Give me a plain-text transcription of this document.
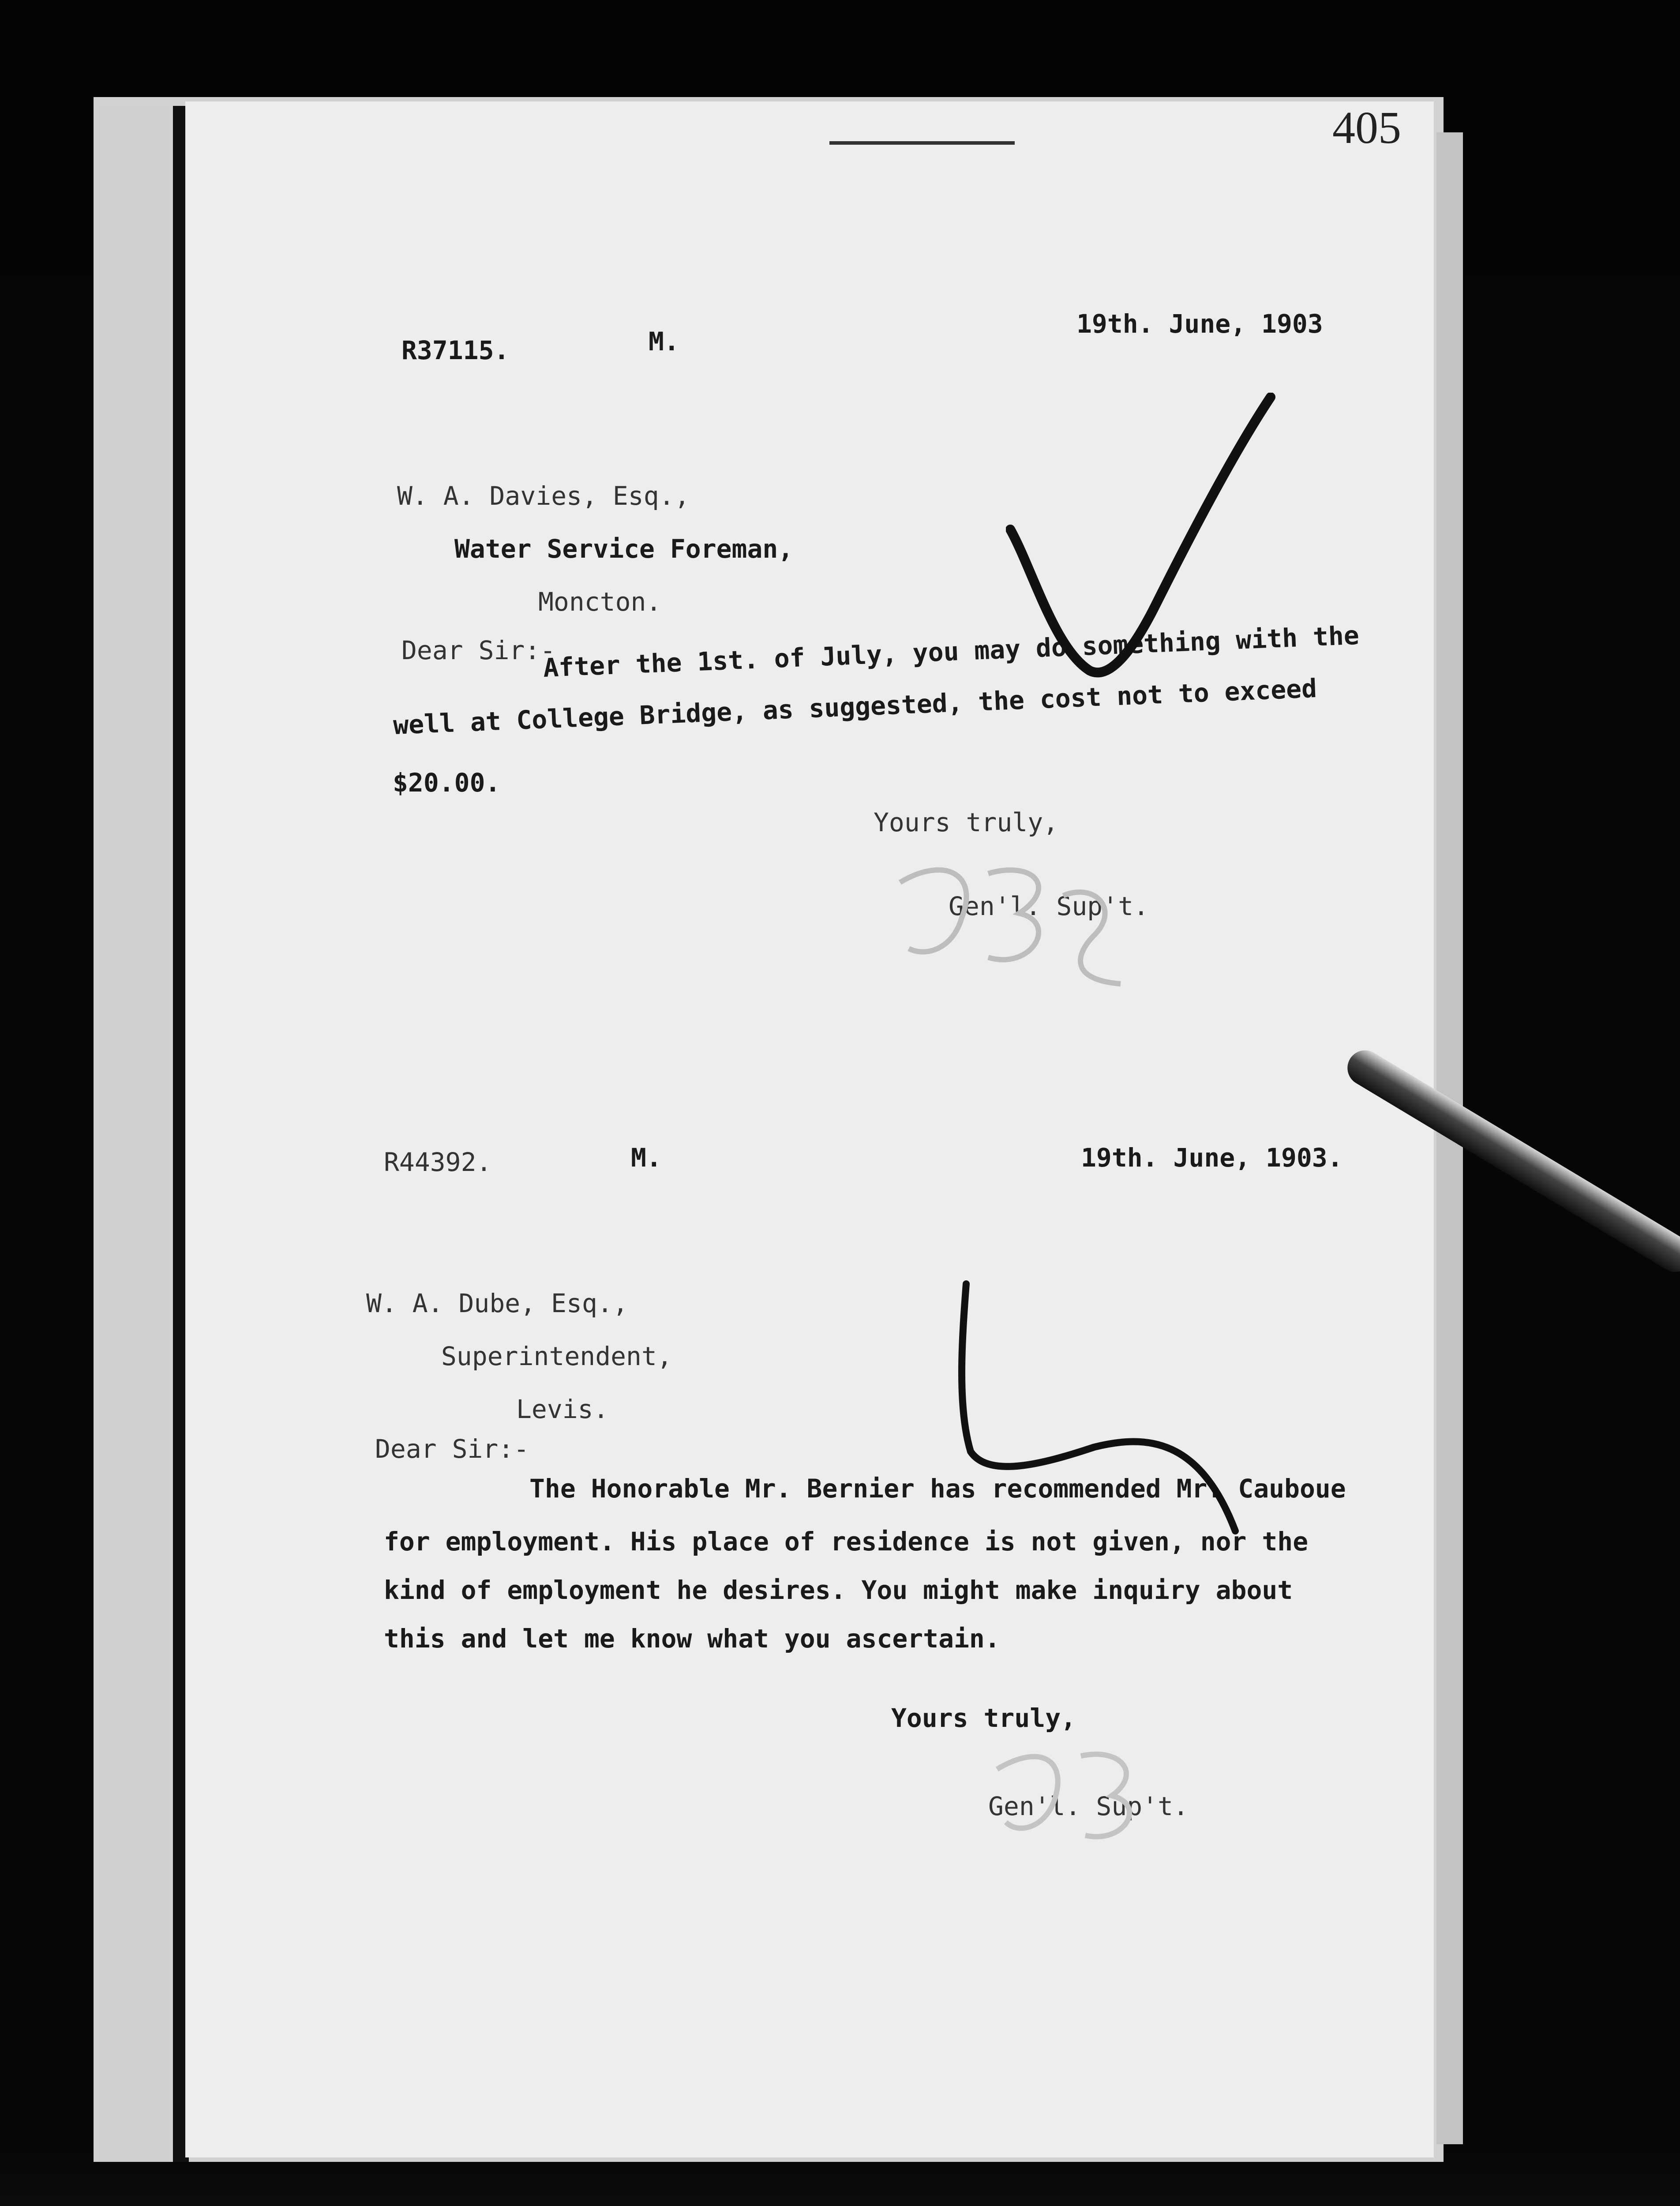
405
R37115.	M.
19th. June, 1903
W. A. Davies, Esq.,
Water Service Foreman,
Moncton.
Dear Sir:-
After the 1st. of July, you may do something with the
well at College Bridge, as suggested, the cost not to exceed
$20.00.
Yours truly,
Gen'l. Sup't.
R44392.	M.	19th. June, 1903.
W. A. Dube, Esq.,
Superintendent,
Levis.
Dear Sir:-
The Honorable Mr. Bernier has recommended Mr. Cauboue
for employment. His place of residence is not given, nor the
kind of employment he desires. You might make inquiry about
this and let me know what you ascertain.
Yours truly,
Gen'l. Sup't.
